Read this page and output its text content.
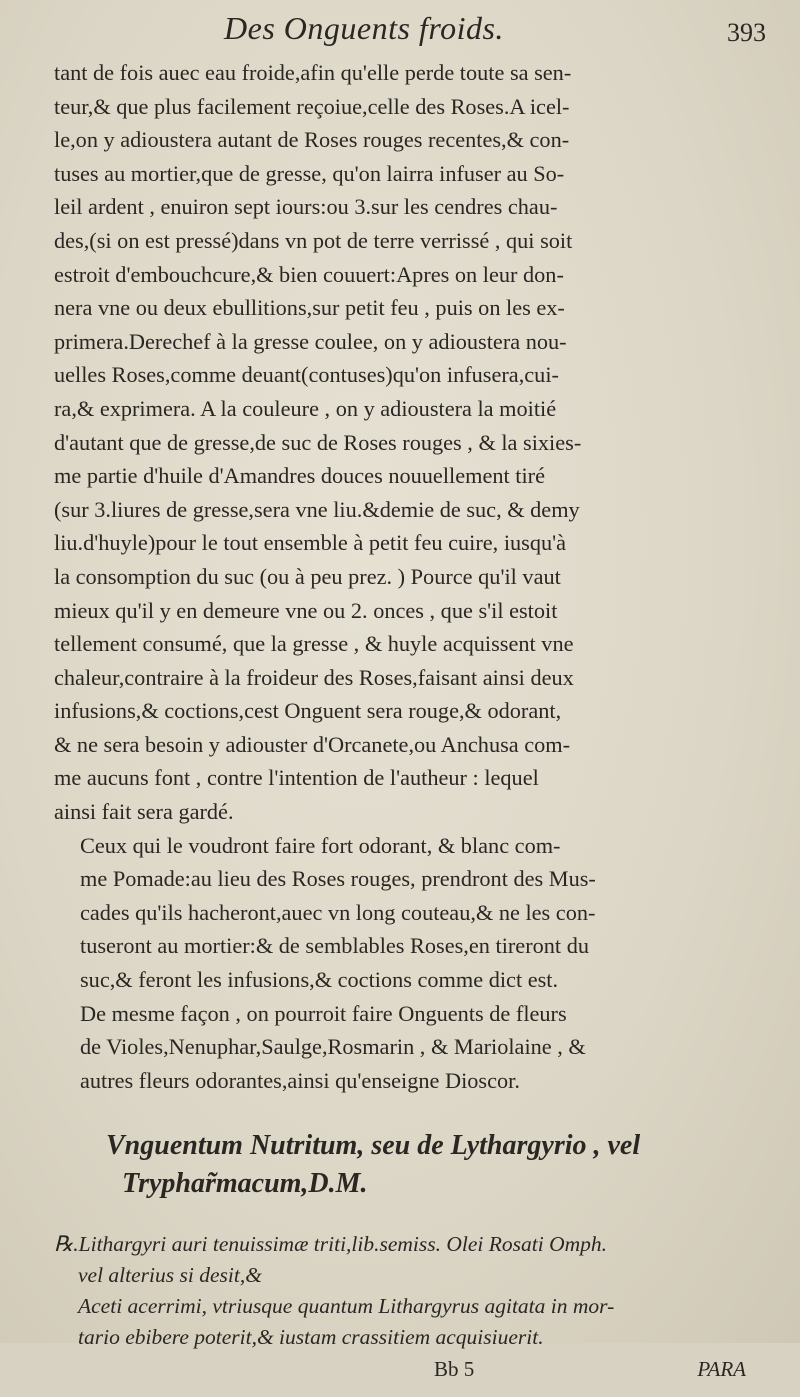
Des Onguents froids.	393

tant de fois auec eau froide,afin qu'elle perde toute sa sen-
teur,& que plus facilement reçoiue,celle des Roses.A icel-
le,on y adioustera autant de Roses rouges recentes,& con-
tuses au mortier,que de gresse, qu'on lairra infuser au So-
leil ardent , enuiron sept iours:ou 3.sur les cendres chau-
des,(si on est pressé)dans vn pot de terre verrissé , qui soit
estroit d'embouchcure,& bien couuert:Apres on leur don-
nera vne ou deux ebullitions,sur petit feu , puis on les ex-
primera.Derechef à la gresse coulee, on y adioustera nou-
uelles Roses,comme deuant(contuses)qu'on infusera,cui-
ra,& exprimera. A la couleure , on y adioustera la moitié
d'autant que de gresse,de suc de Roses rouges , & la sixies-
me partie d'huile d'Amandres douces nouuellement tiré
(sur 3.liures de gresse,sera vne liu.&demie de suc, & demy
liu.d'huyle)pour le tout ensemble à petit feu cuire, iusqu'à
la consomption du suc (ou à peu prez. ) Pource qu'il vaut
mieux qu'il y en demeure vne ou 2. onces , que s'il estoit
tellement consumé, que la gresse , & huyle acquissent vne
chaleur,contraire à la froideur des Roses,faisant ainsi deux
infusions,& coctions,cest Onguent sera rouge,& odorant,
& ne sera besoin y adiouster d'Orcanete,ou Anchusa com-
me aucuns font , contre l'intention de l'autheur : lequel
ainsi fait sera gardé.

Ceux qui le voudront faire fort odorant, & blanc com-
me Pomade:au lieu des Roses rouges, prendront des Mus-
cades qu'ils hacheront,auec vn long couteau,& ne les con-
tuseront au mortier:& de semblables Roses,en tireront du
suc,& feront les infusions,& coctions comme dict est.

De mesme façon , on pourroit faire Onguents de fleurs
de Violes,Nenuphar,Saulge,Rosmarin , & Mariolaine , &
autres fleurs odorantes,ainsi qu'enseigne Dioscor.

Vnguentum Nutritum, seu de Lythargyrio , vel
Tryphar̃macum,D.M.
℞.Lithargyri auri tenuissimæ triti,lib.semiss. Olei Rosati Omph.
vel alterius si desit,&
Aceti acerrimi, vtriusque quantum Lithargyrus agitata in mor-
tario ebibere poterit,& iustam crassitiem acquisiuerit.
Bb 5	PARA
